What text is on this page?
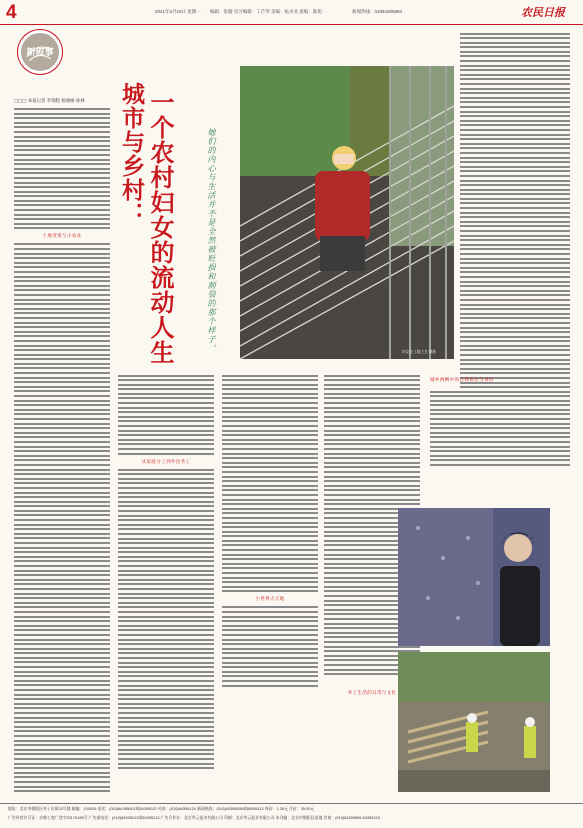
4	2021年3月19日 星期一 编辑：张璇 见习编辑：丁芒琴 美编：杭卓业 流编：陈旭	新闻热线：01084305894	农民日报
新叙事
一个农村妇女的流动人生
城市与乡村：	她们的内心与生活并不是全然被贬损和割裂的那个样子。	妇女在工地上扎钢筋
□□□ 本报记者 李锦程 杨丽丽 孙林
土地变奏与小农业
从家庭分工到外出务工
小世界大天地
城乡两栖中的自我表达与身份
务工生活的日常与文化
地址：北京市朝阳区麦子店街22号楼 邮编：100026 电话：(010)84395001或84395022 传真：(010)84395124 新闻热线：(010)84395895或84395112 每份：1.35元 月价：35.00元
广告经营许可证：京朝工商广登字20170185号 广告部电话：(010)84395212或84395213 广告合作社：北京华云报业有限公司 印刷：北京华云报业有限公司 本刊编：北京市朝阳区某地 咨询：(010)84395895 84395123
